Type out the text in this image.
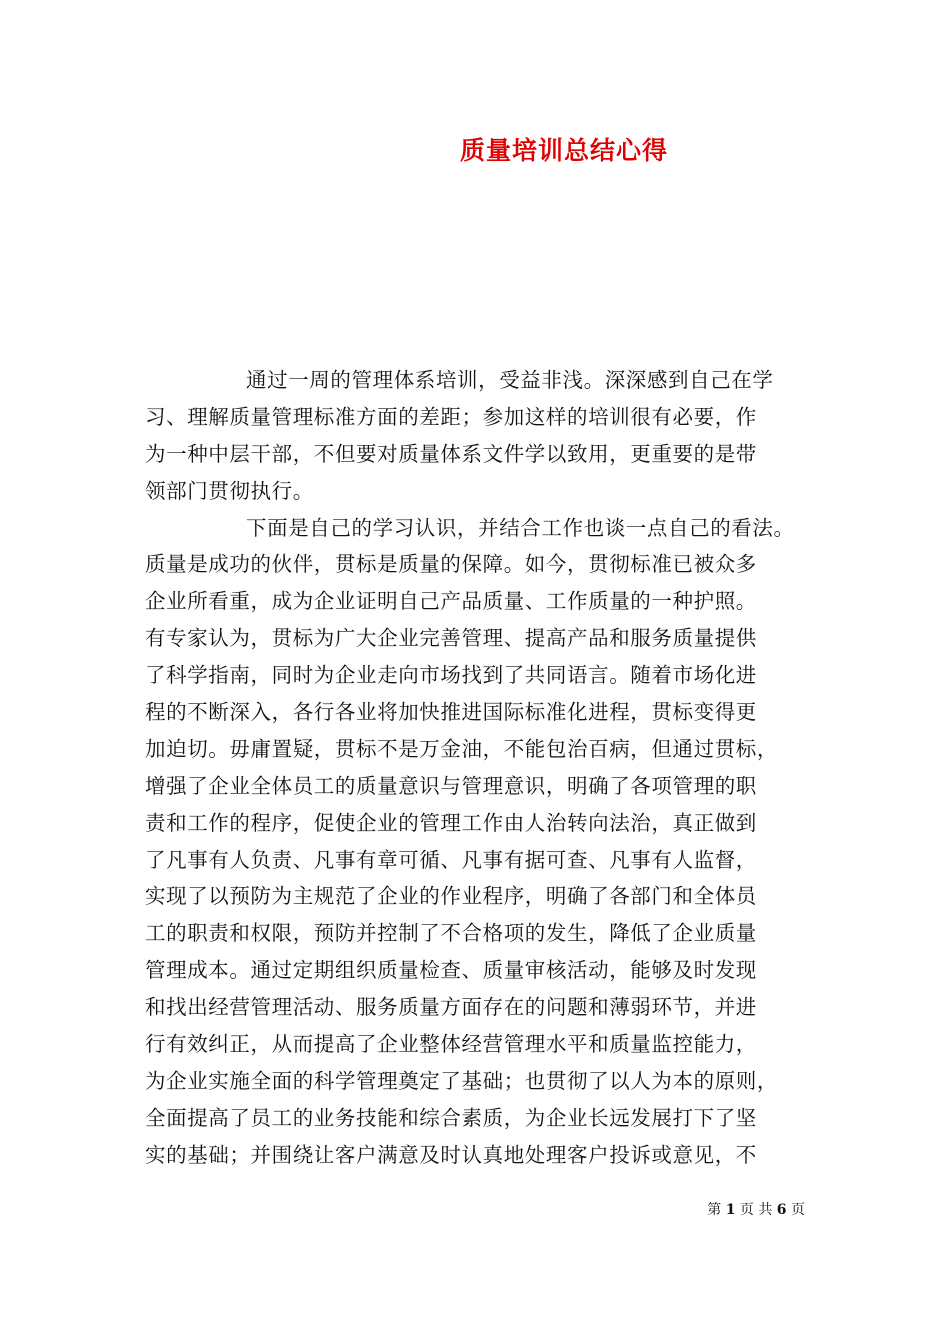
质量培训总结心得
通过一周的管理体系培训，受益非浅。深深感到自己在学
习、理解质量管理标准方面的差距；参加这样的培训很有必要，作
为一种中层干部，不但要对质量体系文件学以致用，更重要的是带
领部门贯彻执行。
下面是自己的学习认识，并结合工作也谈一点自己的看法。
质量是成功的伙伴，贯标是质量的保障。如今，贯彻标准已被众多
企业所看重，成为企业证明自己产品质量、工作质量的一种护照。
有专家认为，贯标为广大企业完善管理、提高产品和服务质量提供
了科学指南，同时为企业走向市场找到了共同语言。随着市场化进
程的不断深入，各行各业将加快推进国际标准化进程，贯标变得更
加迫切。毋庸置疑，贯标不是万金油，不能包治百病，但通过贯标，
增强了企业全体员工的质量意识与管理意识，明确了各项管理的职
责和工作的程序，促使企业的管理工作由人治转向法治，真正做到
了凡事有人负责、凡事有章可循、凡事有据可查、凡事有人监督，
实现了以预防为主规范了企业的作业程序，明确了各部门和全体员
工的职责和权限，预防并控制了不合格项的发生，降低了企业质量
管理成本。通过定期组织质量检查、质量审核活动，能够及时发现
和找出经营管理活动、服务质量方面存在的问题和薄弱环节，并进
行有效纠正，从而提高了企业整体经营管理水平和质量监控能力，
为企业实施全面的科学管理奠定了基础；也贯彻了以人为本的原则，
全面提高了员工的业务技能和综合素质，为企业长远发展打下了坚
实的基础；并围绕让客户满意及时认真地处理客户投诉或意见，不
第 1 页 共 6 页
